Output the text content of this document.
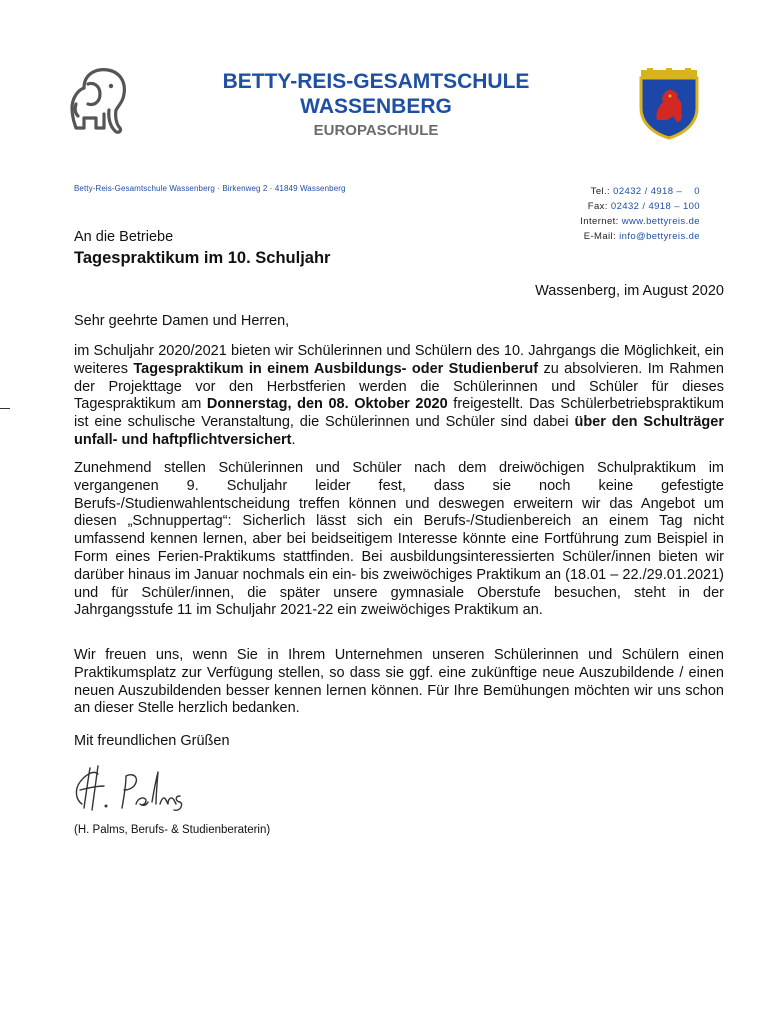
BETTY-REIS-GESAMTSCHULE
WASSENBERG
EUROPASCHULE
Betty-Reis-Gesamtschule Wassenberg · Birkenweg 2 · 41849 Wassenberg	Tel.: 02432 / 4918 –    0
Fax: 02432 / 4918 – 100
Internet: www.bettyreis.de
E-Mail: info@bettyreis.de
An die Betriebe
Tagespraktikum im 10. Schuljahr
Wassenberg, im August 2020
Sehr geehrte Damen und Herren,

im Schuljahr 2020/2021 bieten wir Schülerinnen und Schülern des 10. Jahrgangs die Möglichkeit, ein weiteres Tagespraktikum in einem Ausbildungs- oder Studienberuf zu absolvieren. Im Rahmen der Projekttage vor den Herbstferien werden die Schülerinnen und Schüler für dieses Tagespraktikum am Donnerstag, den 08. Oktober 2020 freigestellt. Das Schülerbetriebspraktikum ist eine schulische Veranstaltung, die Schülerinnen und Schüler sind dabei über den Schulträger unfall- und haftpflichtversichert.

Zunehmend stellen Schülerinnen und Schüler nach dem dreiwöchigen Schulpraktikum im vergangenen 9. Schuljahr leider fest, dass sie noch keine gefestigte Berufs-/Studienwahlentscheidung treffen können und deswegen erweitern wir das Angebot um diesen „Schnuppertag“: Sicherlich lässt sich ein Berufs-/Studienbereich an einem Tag nicht umfassend kennen lernen, aber bei beidseitigem Interesse könnte eine Fortführung zum Beispiel in Form eines Ferien-Praktikums stattfinden. Bei ausbildungsinteressierten Schüler/innen bieten wir darüber hinaus im Januar nochmals ein ein- bis zweiwöchiges Praktikum an (18.01 – 22./29.01.2021) und für Schüler/innen, die später unsere gymnasiale Oberstufe besuchen, steht in der Jahrgangsstufe 11 im Schuljahr 2021-22 ein zweiwöchiges Praktikum an.

Wir freuen uns, wenn Sie in Ihrem Unternehmen unseren Schülerinnen und Schülern einen Praktikumsplatz zur Verfügung stellen, so dass sie ggf. eine zukünftige neue Auszubildende / einen neuen Auszubildenden besser kennen lernen können. Für Ihre Bemühungen möchten wir uns schon an dieser Stelle herzlich bedanken.

Mit freundlichen Grüßen
(H. Palms, Berufs- & Studienberaterin)
